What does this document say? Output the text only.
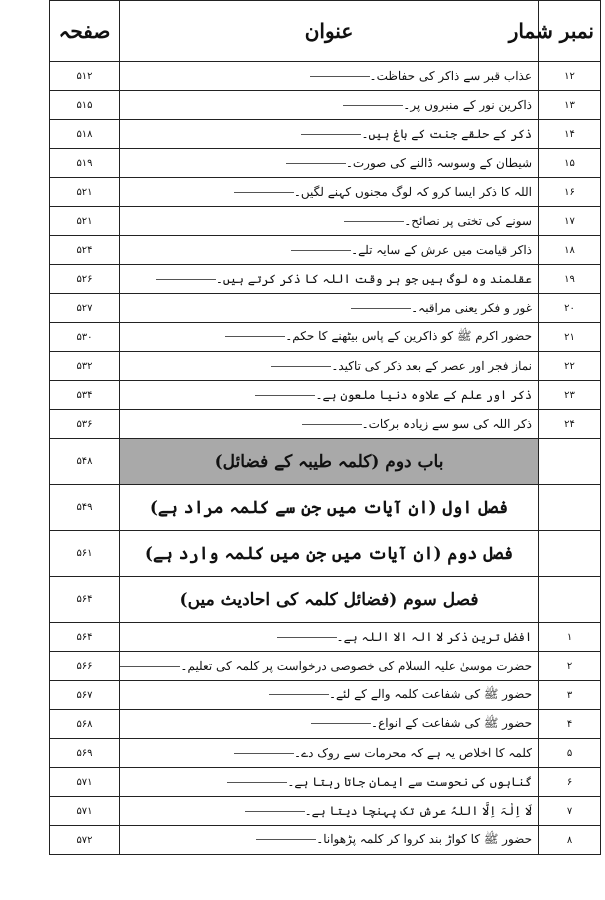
نمبر شمار	عنوان	صفحہ
۱۲	عذاب قبر سے ذاکر کی حفاظت۔	۵۱۲
۱۳	ذاکرین نور کے منبروں پر۔	۵۱۵
۱۴	ذکر کے حلقے جنت کے باغ ہیں۔	۵۱۸
۱۵	شیطان کے وسوسہ ڈالنے کی صورت۔	۵۱۹
۱۶	اللہ کا ذکر ایسا کرو کہ لوگ مجنوں کہنے لگیں۔	۵۲۱
۱۷	سونے کی تختی پر نصائح۔	۵۲۱
۱۸	ذاکر قیامت میں عرش کے سایہ تلے۔	۵۲۴
۱۹	عقلمند وہ لوگ ہیں جو ہر وقت اللہ کا ذکر کرتے ہیں۔	۵۲۶
۲۰	غور و فکر یعنی مراقبہ۔	۵۲۷
۲۱	حضور اکرم ﷺ کو ذاکرین کے پاس بیٹھنے کا حکم۔	۵۳۰
۲۲	نماز فجر اور عصر کے بعد ذکر کی تاکید۔	۵۳۲
۲۳	ذکر اور علم کے علاوہ دنیا ملعون ہے۔	۵۳۴
۲۴	ذکر اللہ کی سو سے زیادہ برکات۔	۵۳۶
	باب دوم (کلمہ طیبہ کے فضائل)	۵۴۸
	فصل اول (ان آیات میں جن سے کلمہ مراد ہے)	۵۴۹
	فصل دوم (ان آیات میں جن میں کلمہ وارد ہے)	۵۶۱
	فصل سوم (فضائل کلمہ کی احادیث میں)	۵۶۴
۱	افضل ترین ذکر لا الہ الا اللہ ہے۔	۵۶۴
۲	حضرت موسیٰ علیہ السلام کی خصوصی درخواست پر کلمہ کی تعلیم۔	۵۶۶
۳	حضور ﷺ کی شفاعت کلمہ والے کے لئے۔	۵۶۷
۴	حضور ﷺ کی شفاعت کے انواع۔	۵۶۸
۵	کلمہ کا اخلاص یہ ہے کہ محرمات سے روک دے۔	۵۶۹
۶	گناہوں کی نحوست سے ایمان جاتا رہتا ہے۔	۵۷۱
۷	لَا اِلٰہَ اِلَّا اللہُ عرش تک پہنچا دیتا ہے۔	۵۷۱
۸	حضور ﷺ کا کواڑ بند کروا کر کلمہ پڑھوانا۔	۵۷۲
